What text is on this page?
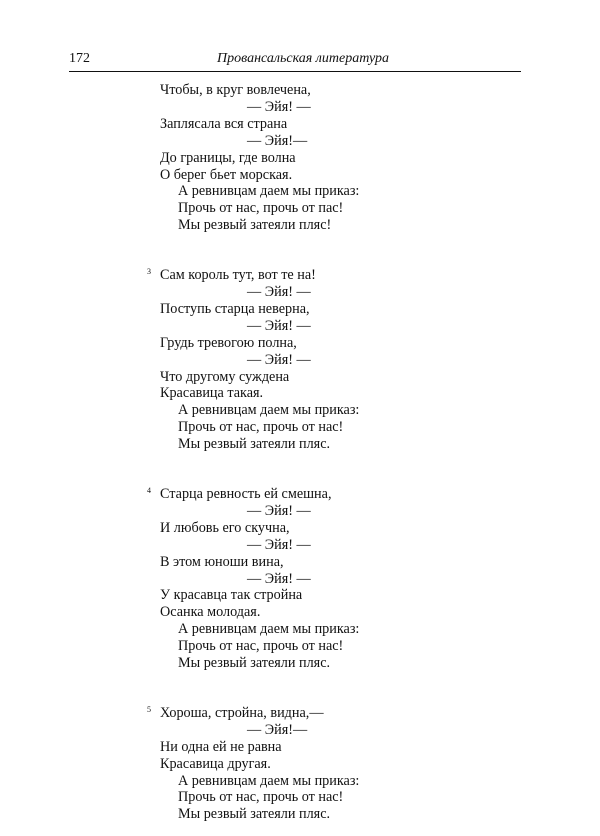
172	Провансальская литература
Чтобы, в круг вовлечена,
— Эйя! —
Заплясала вся страна
— Эйя!—
До границы, где волна
О берег бьет морская.
А ревнивцам даем мы приказ:
Прочь от нас, прочь от пас!
Мы резвый затеяли пляс!
3 Сам король тут, вот те на!
— Эйя! —
Поступь старца неверна,
— Эйя! —
Грудь тревогою полна,
— Эйя! —
Что другому суждена
Красавица такая.
А ревнивцам даем мы приказ:
Прочь от нас, прочь от нас!
Мы резвый затеяли пляс.
4 Старца ревность ей смешна,
— Эйя! —
И любовь его скучна,
— Эйя! —
В этом юноши вина,
— Эйя! —
У красавца так стройна
Осанка молодая.
А ревнивцам даем мы приказ:
Прочь от нас, прочь от нас!
Мы резвый затеяли пляс.
5 Хороша, стройна, видна,—
— Эйя!—
Ни одна ей не равна
Красавица другая.
А ревнивцам даем мы приказ:
Прочь от нас, прочь от нас!
Мы резвый затеяли пляс.
